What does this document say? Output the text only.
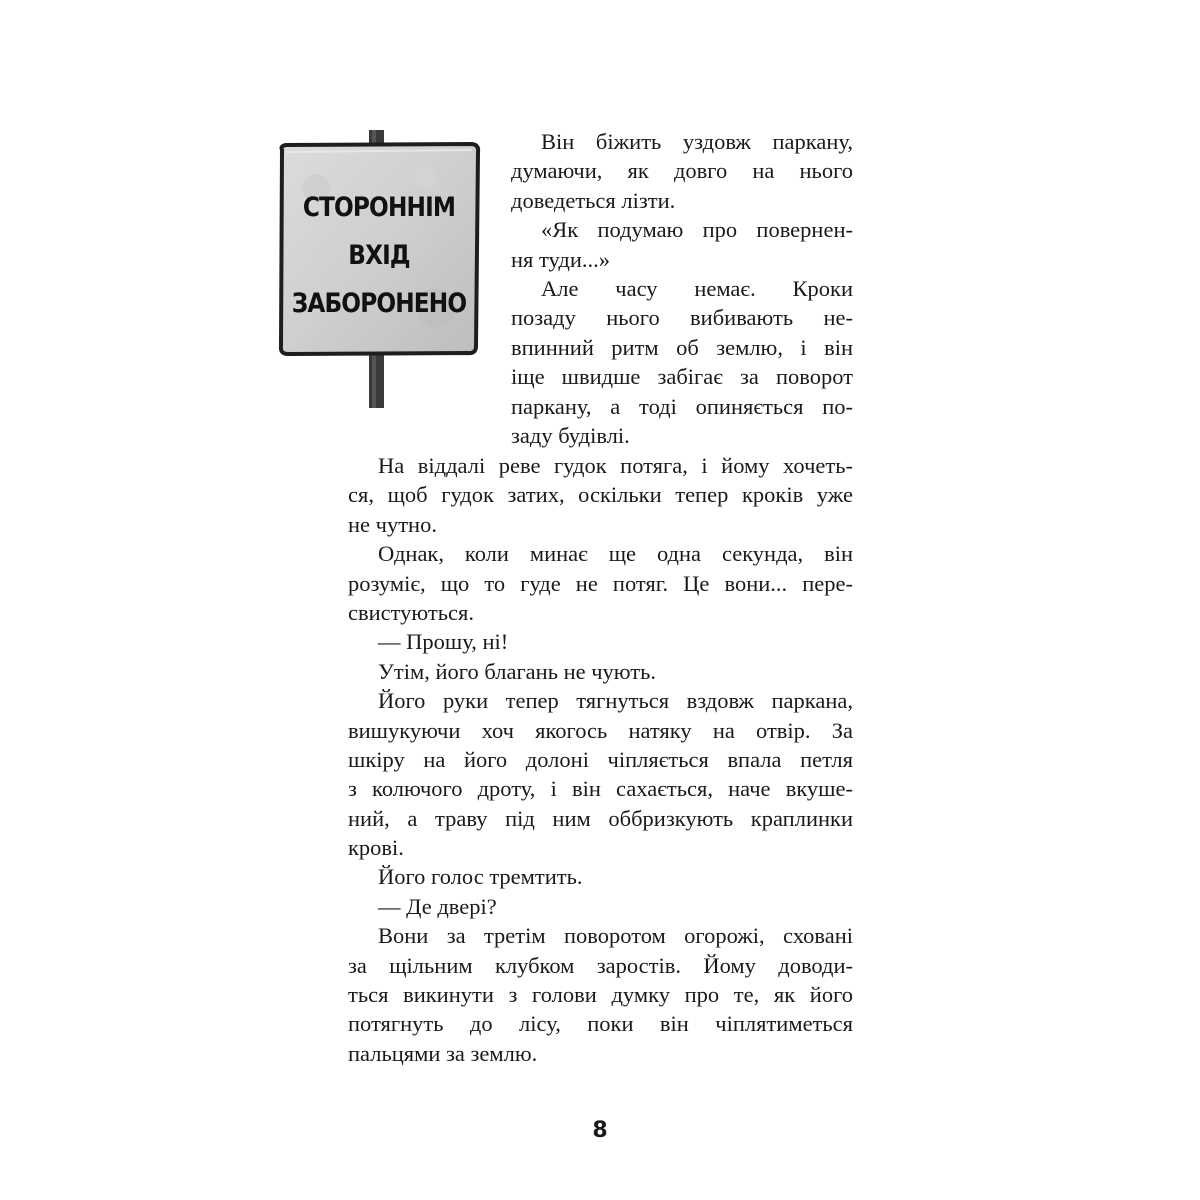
СТОРОННІМ
ВХІД
ЗАБОРОНЕНО
Він біжить уздовж паркану,
думаючи, як довго на нього
доведеться лізти.
«Як подумаю про повернен-
ня туди...»
Але часу немає. Кроки
позаду нього вибивають не-
впинний ритм об землю, і він
іще швидше забігає за поворот
паркану, а тоді опиняється по-
заду будівлі.
На віддалі реве гудок потяга, і йому хочеть-
ся, щоб гудок затих, оскільки тепер кроків уже
не чутно.
Однак, коли минає ще одна секунда, він
розуміє, що то гуде не потяг. Це вони... пере-
свистуються.
— Прошу, ні!
Утім, його благань не чують.
Його руки тепер тягнуться вздовж паркана,
вишукуючи хоч якогось натяку на отвір. За
шкіру на його долоні чіпляється впала петля
з колючого дроту, і він сахається, наче вкуше-
ний, а траву під ним оббризкують краплинки
крові.
Його голос тремтить.
— Де двері?
Вони за третім поворотом огорожі, сховані
за щільним клубком заростів. Йому доводи-
ться викинути з голови думку про те, як його
потягнуть до лісу, поки він чіплятиметься
пальцями за землю.
8
